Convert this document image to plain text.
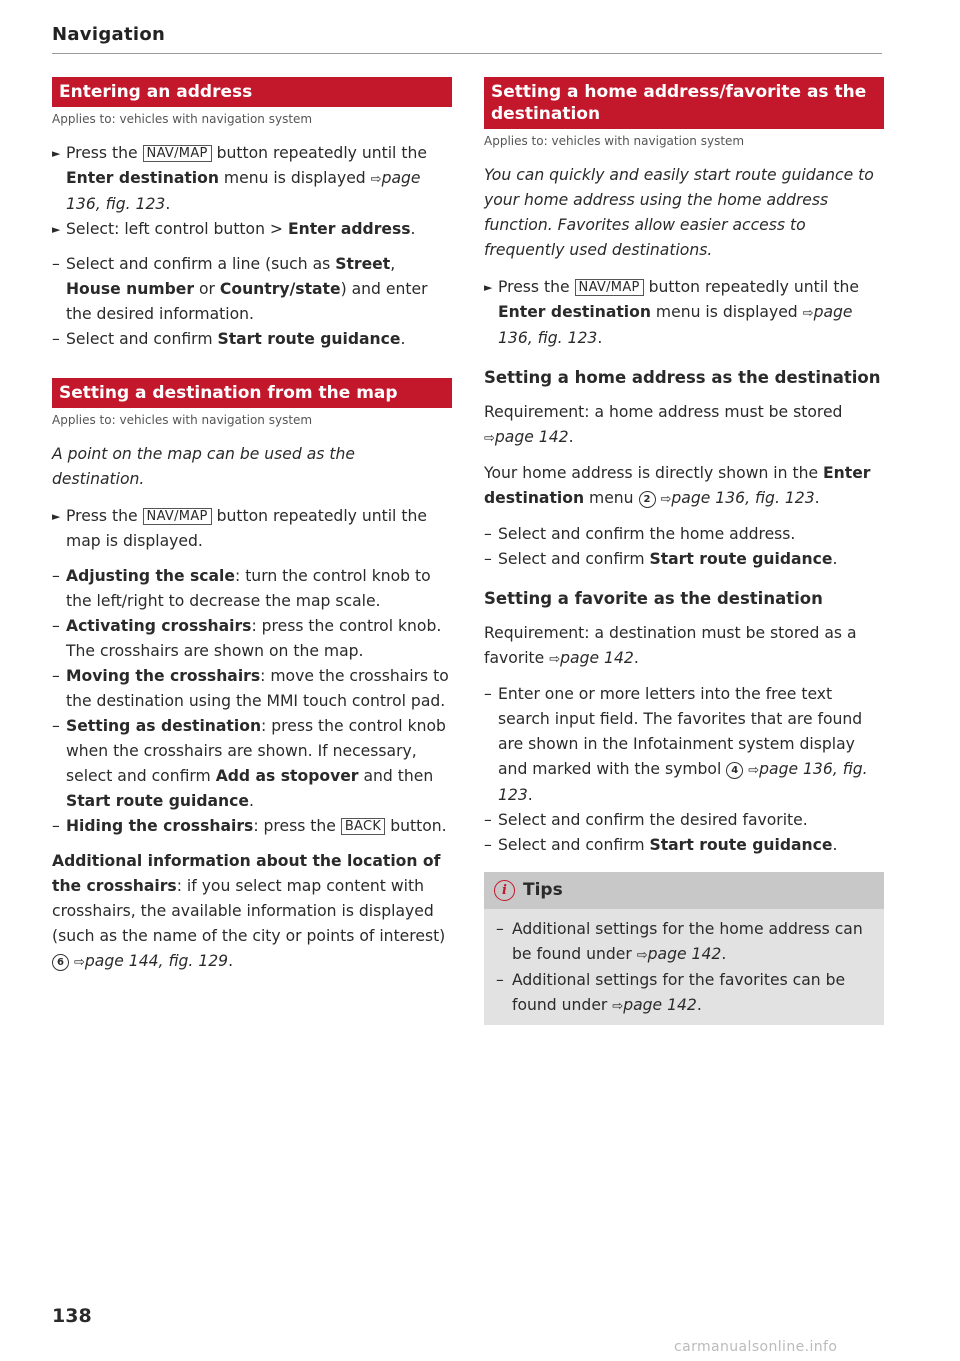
Navigation
Entering an address
Applies to: vehicles with navigation system
► Press the NAV/MAP button repeatedly until the Enter destination menu is displayed ⇨page 136, fig. 123.
► Select: left control button > Enter address.
– Select and confirm a line (such as Street, House number or Country/state) and enter the desired information.
– Select and confirm Start route guidance.
Setting a destination from the map
Applies to: vehicles with navigation system

A point on the map can be used as the destination.

► Press the NAV/MAP button repeatedly until the map is displayed.
– Adjusting the scale: turn the control knob to the left/right to decrease the map scale.
– Activating crosshairs: press the control knob. The crosshairs are shown on the map.
– Moving the crosshairs: move the crosshairs to the destination using the MMI touch control pad.
– Setting as destination: press the control knob when the crosshairs are shown. If necessary, select and confirm Add as stopover and then Start route guidance.
– Hiding the crosshairs: press the BACK button.

Additional information about the location of the crosshairs: if you select map content with crosshairs, the available information is displayed (such as the name of the city or points of interest) 6 ⇨page 144, fig. 129.

Setting a home address/favorite as the destination
Applies to: vehicles with navigation system

You can quickly and easily start route guidance to your home address using the home address function. Favorites allow easier access to frequently used destinations.

► Press the NAV/MAP button repeatedly until the Enter destination menu is displayed ⇨page 136, fig. 123.
Setting a home address as the destination

Requirement: a home address must be stored ⇨page 142.

Your home address is directly shown in the Enter destination menu 2 ⇨page 136, fig. 123.

– Select and confirm the home address.
– Select and confirm Start route guidance.
Setting a favorite as the destination

Requirement: a destination must be stored as a favorite ⇨page 142.

– Enter one or more letters into the free text search input field. The favorites that are found are shown in the Infotainment system display and marked with the symbol 4 ⇨page 136, fig. 123.
– Select and confirm the desired favorite.
– Select and confirm Start route guidance.
i Tips
– Additional settings for the home address can be found under ⇨page 142.
– Additional settings for the favorites can be found under ⇨page 142.
138
carmanualsonline.info
